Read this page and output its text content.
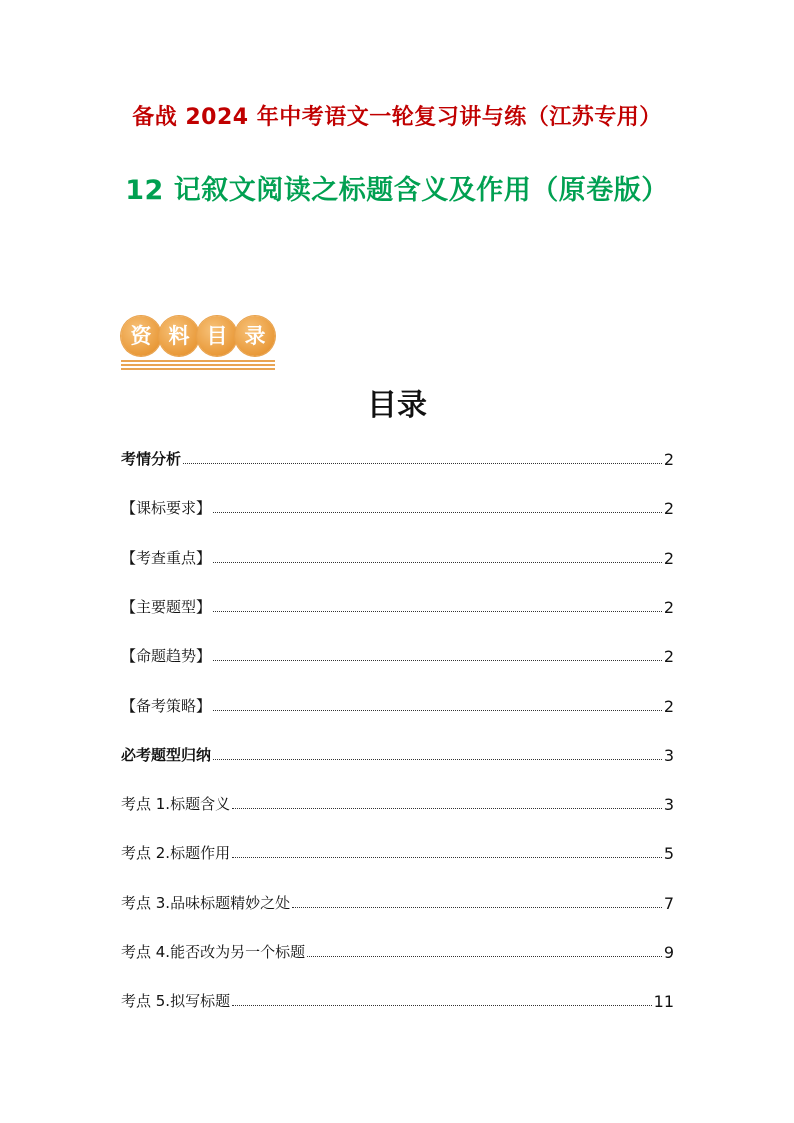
备战 2024 年中考语文一轮复习讲与练（江苏专用）
12 记叙文阅读之标题含义及作用（原卷版）
资 料 目 录
目录
考情分析	2
【课标要求】	2
【考查重点】	2
【主要题型】	2
【命题趋势】	2
【备考策略】	2
必考题型归纳	3
考点 1.标题含义	3
考点 2.标题作用	5
考点 3.品味标题精妙之处	7
考点 4.能否改为另一个标题	9
考点 5.拟写标题	11
